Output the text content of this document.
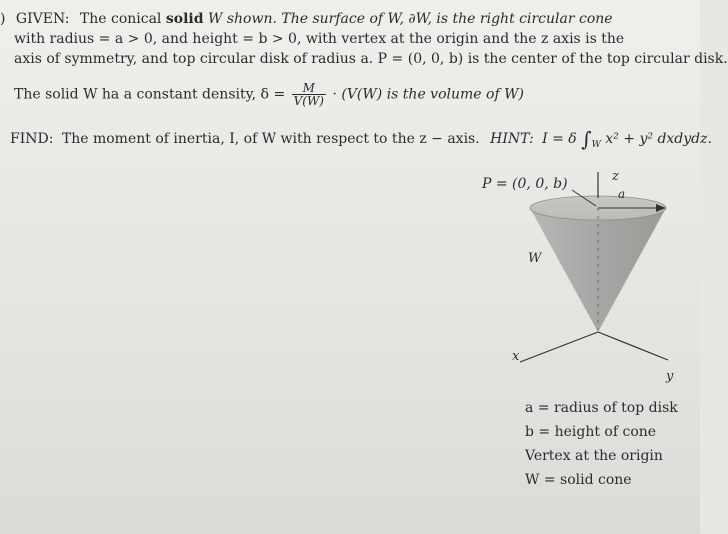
) GIVEN: The conical solid W shown. The surface of W, ∂W, is the right circular cone
with radius = a > 0, and height = b > 0, with vertex at the origin and the z axis is the
axis of symmetry, and top circular disk of radius a. P = (0, 0, b) is the center of the top circular disk.
The solid W ha a constant density, $\delta = \frac{M}{V(W)} \cdot (V(W)$ is the volume of W)
FIND: The moment of inertia, I, of W with respect to the z − axis. HINT: I = δ $\int_W$ x² + y² dxdydz.
P = (0, 0, b)	z
a
W
x
y
a = radius of top disk
b = height of cone
Vertex at the origin
W = solid cone
